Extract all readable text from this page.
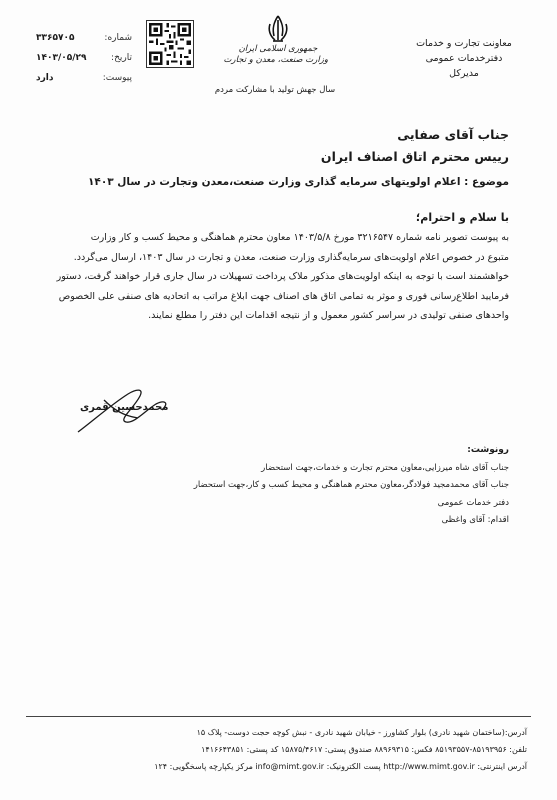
معاونت تجارت و خدمات
دفترخدمات عمومی
مدیرکل
جمهوری اسلامی ایران
وزارت صنعت، معدن و تجارت
سال جهش تولید با مشارکت مردم
شماره:
۳۳۶۵۷۰۵
تاریخ:
۱۴۰۳/۰۵/۲۹
پیوست:
دارد
جناب آقای صفایی
رییس محترم اتاق اصناف ایران
موضوع : اعلام اولویتهای سرمایه گذاری وزارت صنعت،معدن وتجارت در سال ۱۴۰۳
با سلام و احترام؛
به پیوست تصویر نامه شماره ۳۲۱۶۵۴۷ مورخ ۱۴۰۳/۵/۸ معاون محترم هماهنگی و محیط کسب و کار وزارت
متبوع در خصوص اعلام اولویت‌های سرمایه‌گذاری وزارت صنعت، معدن و تجارت در سال ۱۴۰۳، ارسال می‌گردد.
خواهشمند است با توجه به اینکه اولویت‌های مذکور ملاک پرداخت تسهیلات در سال جاری قرار خواهند گرفت، دستور
فرمایید اطلاع‌رسانی فوری و موثر به تمامی اتاق های اصناف جهت ابلاغ مراتب به اتحادیه های صنفی علی الخصوص
واحدهای صنفی تولیدی در سراسر کشور معمول و از نتیجه اقدامات این دفتر را مطلع نمایند.
محمدحسین قمری
رونوشت:
جناب آقای شاه میرزایی،معاون محترم تجارت و خدمات،جهت استحضار
جناب آقای محمدمجید فولادگر،معاون محترم هماهنگی و محیط کسب و کار،جهت استحضار
دفتر خدمات عمومی
اقدام: آقای واغظی
آدرس:(ساختمان شهید نادری) بلوار کشاورز - خیابان شهید نادری - نبش کوچه حجت دوست- پلاک ۱۵
تلفن: ۸۵۱۹۳۹۵۶-۸۵۱۹۳۵۵۷ فکس: ۸۸۹۶۹۳۱۵ صندوق پستی: ۱۵۸۷۵/۴۶۱۷ کد پستی: ۱۴۱۶۶۴۳۸۵۱
آدرس اینترنتی: http://www.mimt.gov.ir پست الکترونیک: info@mimt.gov.ir مرکز یکپارچه پاسخگویی: ۱۲۴
